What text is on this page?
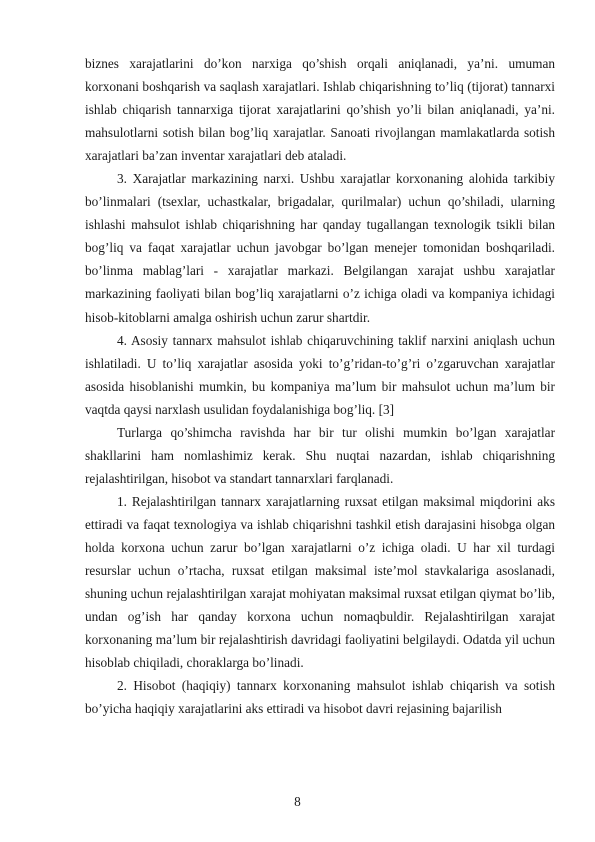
biznes xarajatlarini do’kon narxiga qo’shish orqali aniqlanadi, ya’ni. umuman korxonani boshqarish va saqlash xarajatlari. Ishlab chiqarishning to’liq (tijorat) tannarxi ishlab chiqarish tannarxiga tijorat xarajatlarini qo’shish yo’li bilan aniqlanadi, ya’ni. mahsulotlarni sotish bilan bog’liq xarajatlar. Sanoati rivojlangan mamlakatlarda sotish xarajatlari ba’zan inventar xarajatlari deb ataladi.

3. Xarajatlar markazining narxi. Ushbu xarajatlar korxonaning alohida tarkibiy bo’linmalari (tsexlar, uchastkalar, brigadalar, qurilmalar) uchun qo’shiladi, ularning ishlashi mahsulot ishlab chiqarishning har qanday tugallangan texnologik tsikli bilan bog’liq va faqat xarajatlar uchun javobgar bo’lgan menejer tomonidan boshqariladi. bo’linma mablag’lari - xarajatlar markazi. Belgilangan xarajat ushbu xarajatlar markazining faoliyati bilan bog’liq xarajatlarni o’z ichiga oladi va kompaniya ichidagi hisob-kitoblarni amalga oshirish uchun zarur shartdir.

4. Asosiy tannarx mahsulot ishlab chiqaruvchining taklif narxini aniqlash uchun ishlatiladi. U to’liq xarajatlar asosida yoki to’g’ridan-to’g’ri o’zgaruvchan xarajatlar asosida hisoblanishi mumkin, bu kompaniya ma’lum bir mahsulot uchun ma’lum bir vaqtda qaysi narxlash usulidan foydalanishiga bog’liq. [3]

Turlarga qo’shimcha ravishda har bir tur olishi mumkin bo’lgan xarajatlar shakllarini ham nomlashimiz kerak. Shu nuqtai nazardan, ishlab chiqarishning rejalashtirilgan, hisobot va standart tannarxlari farqlanadi.

1. Rejalashtirilgan tannarx xarajatlarning ruxsat etilgan maksimal miqdorini aks ettiradi va faqat texnologiya va ishlab chiqarishni tashkil etish darajasini hisobga olgan holda korxona uchun zarur bo’lgan xarajatlarni o’z ichiga oladi. U har xil turdagi resurslar uchun o’rtacha, ruxsat etilgan maksimal iste’mol stavkalariga asoslanadi, shuning uchun rejalashtirilgan xarajat mohiyatan maksimal ruxsat etilgan qiymat bo’lib, undan og’ish har qanday korxona uchun nomaqbuldir. Rejalashtirilgan xarajat korxonaning ma’lum bir rejalashtirish davridagi faoliyatini belgilaydi. Odatda yil uchun hisoblab chiqiladi, choraklarga bo’linadi.

2. Hisobot (haqiqiy) tannarx korxonaning mahsulot ishlab chiqarish va sotish bo’yicha haqiqiy xarajatlarini aks ettiradi va hisobot davri rejasining bajarilish

8
